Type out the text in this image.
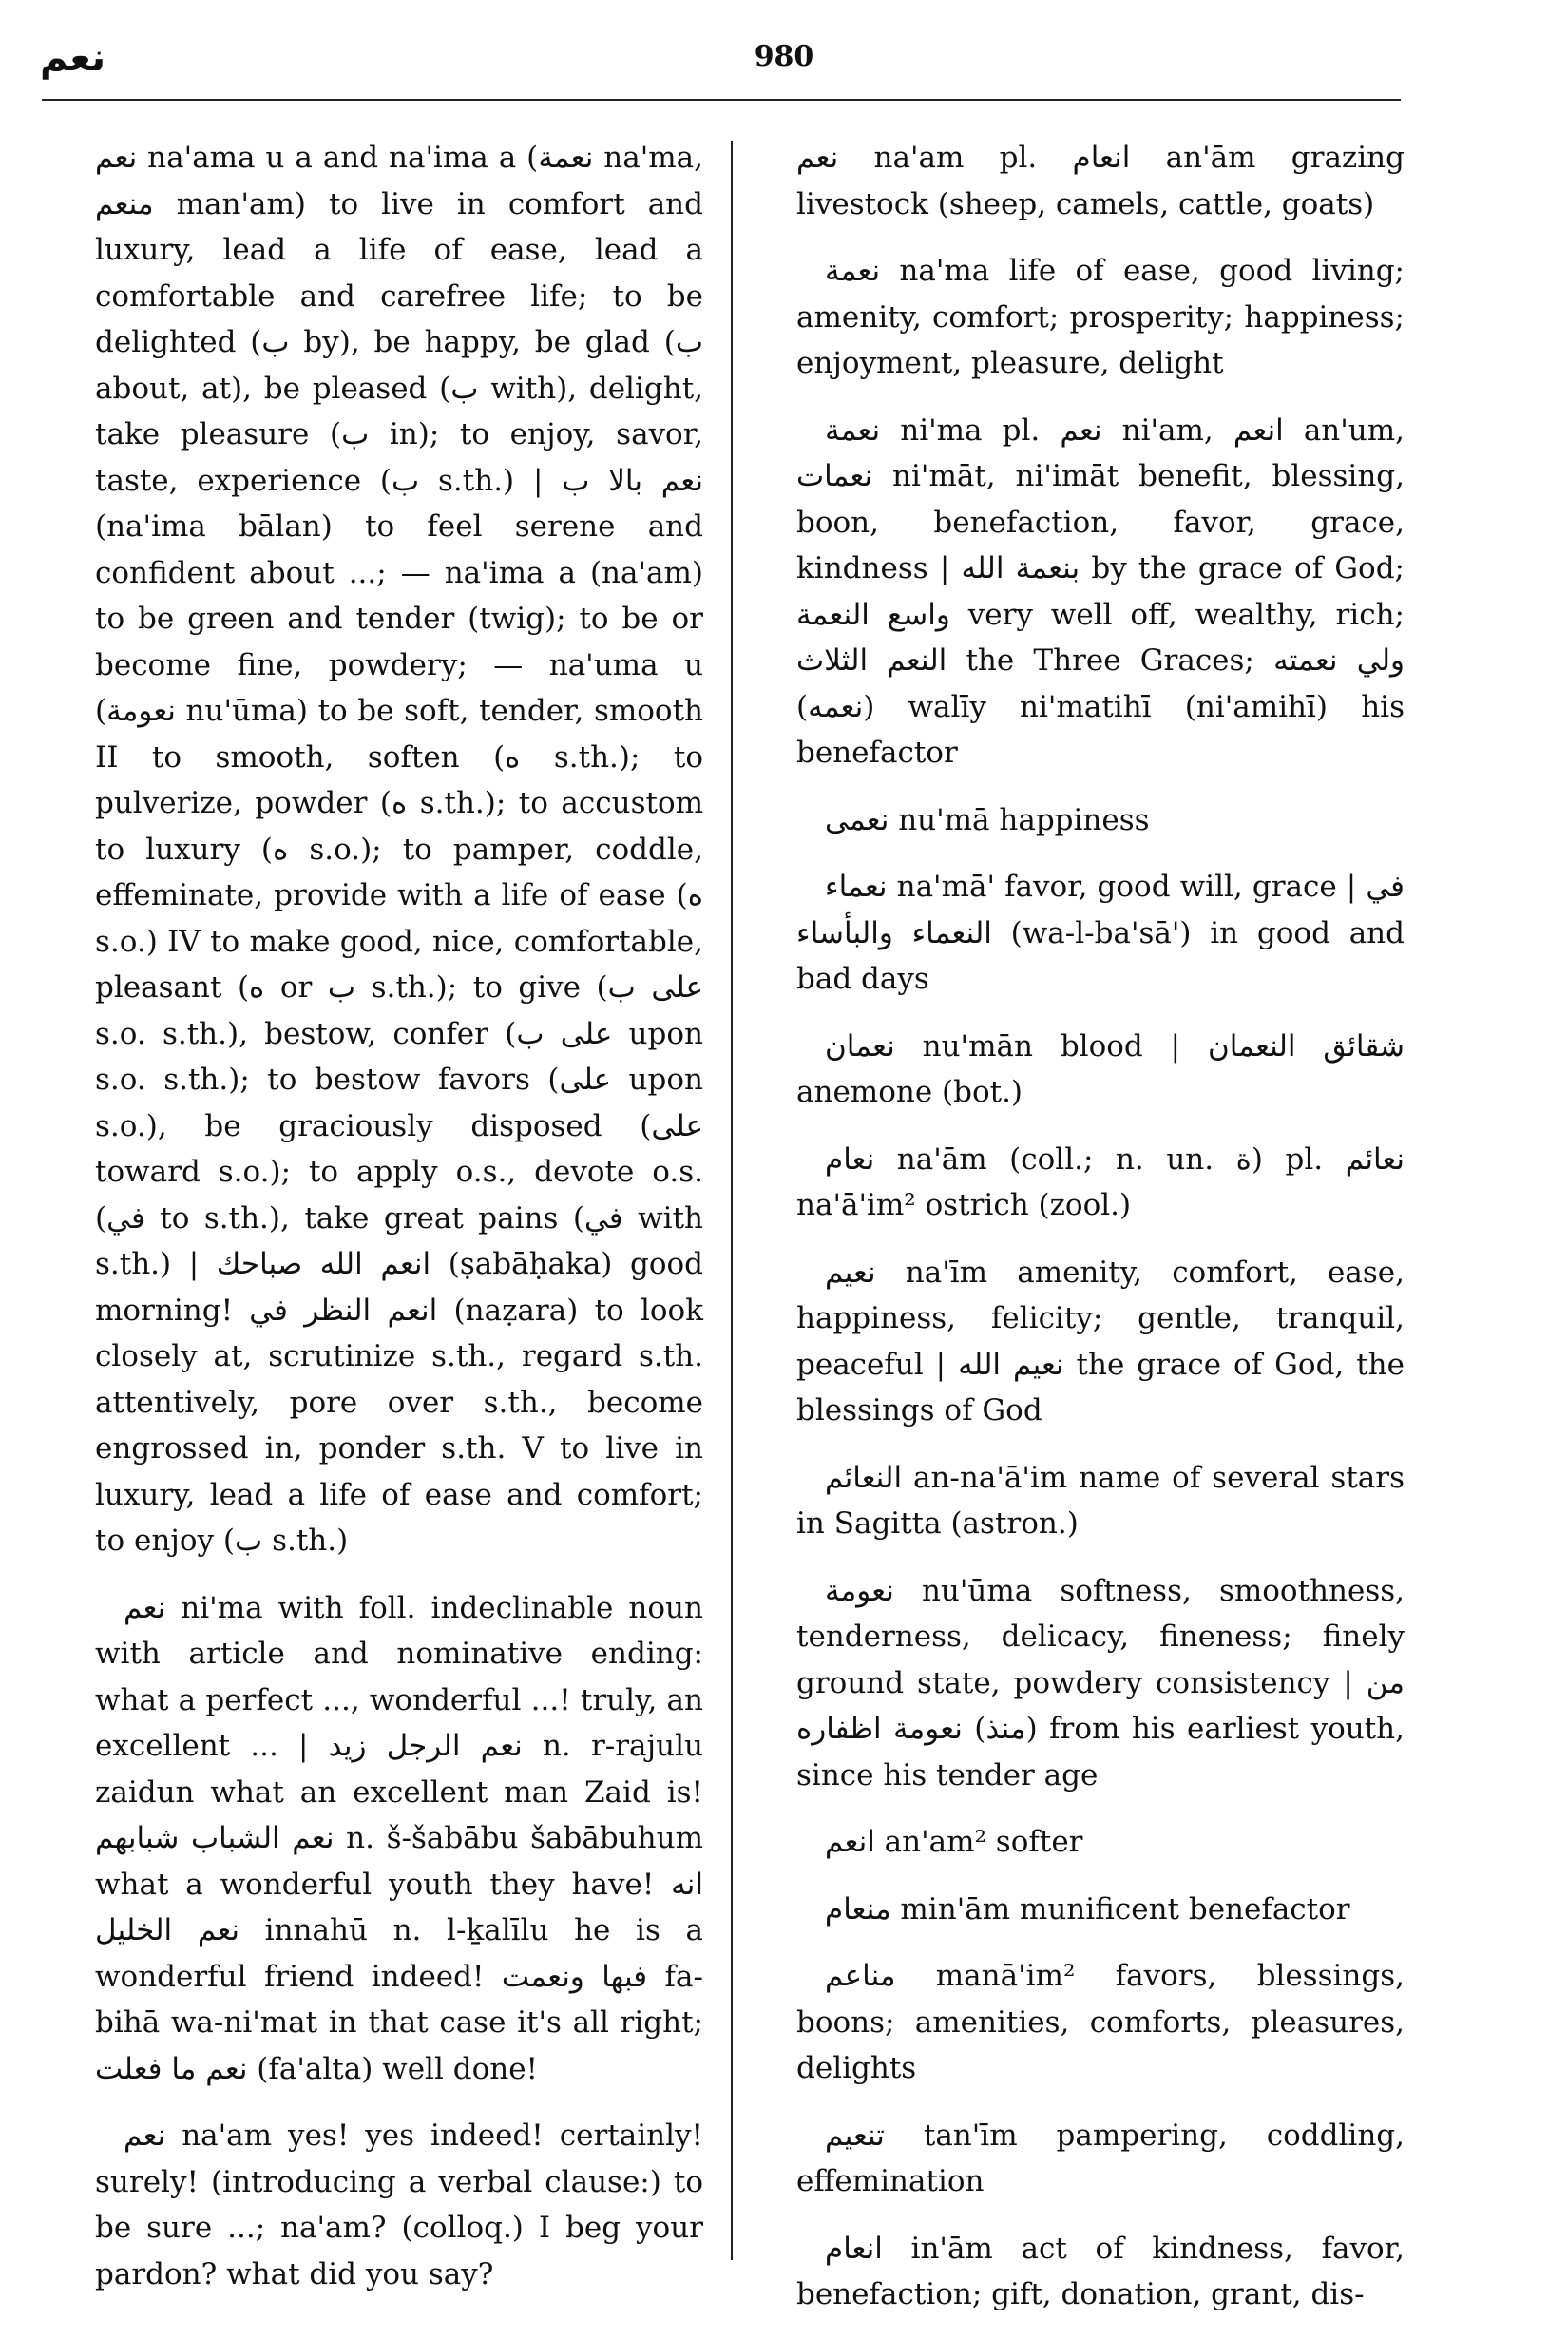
نعم	980

نعم na'ama u a and na'ima a (نعمة na'ma, منعم man'am) to live in comfort and luxury, lead a life of ease, lead a comfortable and carefree life; to be delighted (ب by), be happy, be glad (ب about, at), be pleased (ب with), delight, take pleasure (ب in); to enjoy, savor, taste, experience (ب s.th.) | نعم بالا ب (na'ima bālan) to feel serene and confident about ...; — na'ima a (na'am) to be green and tender (twig); to be or become fine, powdery; — na'uma u (نعومة nu'ūma) to be soft, tender, smooth II to smooth, soften (ه s.th.); to pulverize, powder (ه s.th.); to accustom to luxury (ه s.o.); to pamper, coddle, effeminate, provide with a life of ease (ه s.o.) IV to make good, nice, comfortable, pleasant (ه or ب s.th.); to give (على ب s.o. s.th.), bestow, confer (على ب upon s.o. s.th.); to bestow favors (على upon s.o.), be graciously disposed (على toward s.o.); to apply o.s., devote o.s. (في to s.th.), take great pains (في with s.th.) | انعم الله صباحك (ṣabāḥaka) good morning! انعم النظر في (naẓara) to look closely at, scrutinize s.th., regard s.th. attentively, pore over s.th., become engrossed in, ponder s.th. V to live in luxury, lead a life of ease and comfort; to enjoy (ب s.th.)

نعم ni'ma with foll. indeclinable noun with article and nominative ending: what a perfect ..., wonderful ...! truly, an excellent ... | نعم الرجل زيد n. r-rajulu zaidun what an excellent man Zaid is! نعم الشباب شبابهم n. š-šabābu šabābuhum what a wonderful youth they have! انه نعم الخليل innahū n. l-ḵalīlu he is a wonderful friend indeed! فبها ونعمت fa-bihā wa-ni'mat in that case it's all right; نعم ما فعلت (fa'alta) well done!

نعم na'am yes! yes indeed! certainly! surely! (introducing a verbal clause:) to be sure ...; na'am? (colloq.) I beg your pardon? what did you say?

نعم na'am pl. انعام an'ām grazing livestock (sheep, camels, cattle, goats)

نعمة na'ma life of ease, good living; amenity, comfort; prosperity; happiness; enjoyment, pleasure, delight

نعمة ni'ma pl. نعم ni'am, انعم an'um, نعمات ni'māt, ni'imāt benefit, blessing, boon, benefaction, favor, grace, kindness | بنعمة الله by the grace of God; واسع النعمة very well off, wealthy, rich; النعم الثلاث the Three Graces; ولي نعمته (نعمه) walīy ni'matihī (ni'amihī) his benefactor

نعمى nu'mā happiness

نعماء na'mā' favor, good will, grace | في النعماء والبأساء (wa-l-ba'sā') in good and bad days

نعمان nu'mān blood | شقائق النعمان anemone (bot.)

نعام na'ām (coll.; n. un. ة) pl. نعائم na'ā'im² ostrich (zool.)

نعيم na'īm amenity, comfort, ease, happiness, felicity; gentle, tranquil, peaceful | نعيم الله the grace of God, the blessings of God

النعائم an-na'ā'im name of several stars in Sagitta (astron.)

نعومة nu'ūma softness, smoothness, tenderness, delicacy, fineness; finely ground state, powdery consistency | من (منذ) نعومة اظفاره from his earliest youth, since his tender age

انعم an'am² softer

منعام min'ām munificent benefactor

مناعم manā'im² favors, blessings, boons; amenities, comforts, pleasures, delights

تنعيم tan'īm pampering, coddling, effemination

انعام in'ām act of kindness, favor, benefaction; gift, donation, grant, dis-
